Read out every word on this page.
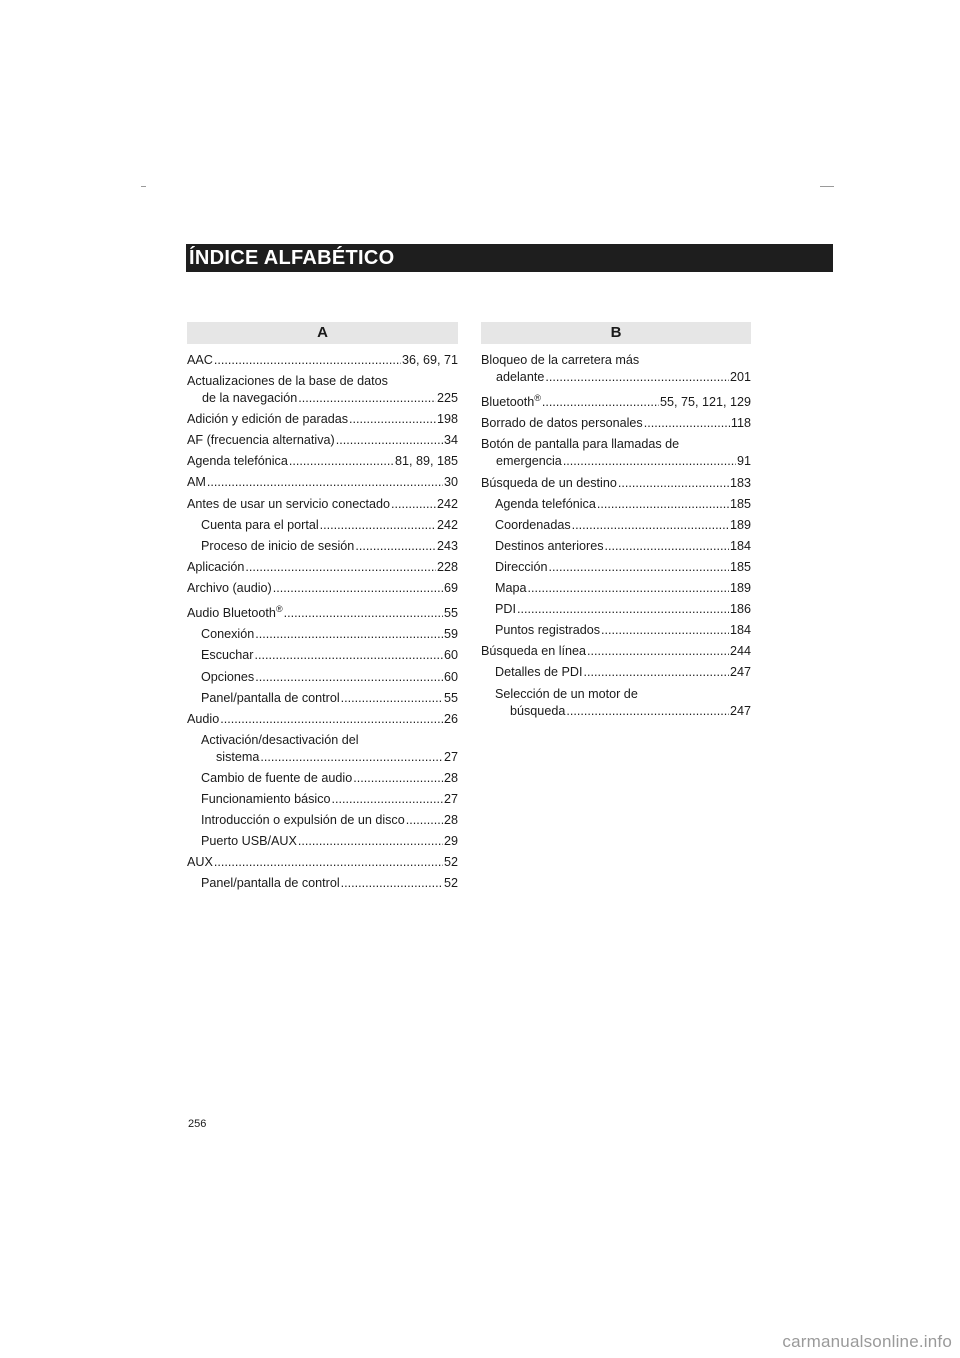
ÍNDICE ALFABÉTICO
A
AAC .....	36, 69, 71
Actualizaciones de la base de datos
de la navegación .....	225
Adición y edición de paradas .....	198
AF (frecuencia alternativa) .....	34
Agenda telefónica .....	81, 89, 185
AM .....	30
Antes de usar un servicio conectado .....	242
Cuenta para el portal .....	242
Proceso de inicio de sesión .....	243
Aplicación .....	228
Archivo (audio) .....	69
Audio Bluetooth® .....	55
Conexión .....	59
Escuchar .....	60
Opciones .....	60
Panel/pantalla de control .....	55
Audio .....	26
Activación/desactivación del
sistema .....	27
Cambio de fuente de audio .....	28
Funcionamiento básico .....	27
Introducción o expulsión de un disco .....	28
Puerto USB/AUX .....	29
AUX .....	52
Panel/pantalla de control .....	52
B
Bloqueo de la carretera más
adelante .....	201
Bluetooth® .....	55, 75, 121, 129
Borrado de datos personales .....	118
Botón de pantalla para llamadas de
emergencia .....	91
Búsqueda de un destino .....	183
Agenda telefónica .....	185
Coordenadas .....	189
Destinos anteriores .....	184
Dirección .....	185
Mapa .....	189
PDI .....	186
Puntos registrados .....	184
Búsqueda en línea .....	244
Detalles de PDI .....	247
Selección de un motor de
búsqueda .....	247
256
carmanualsonline.info
